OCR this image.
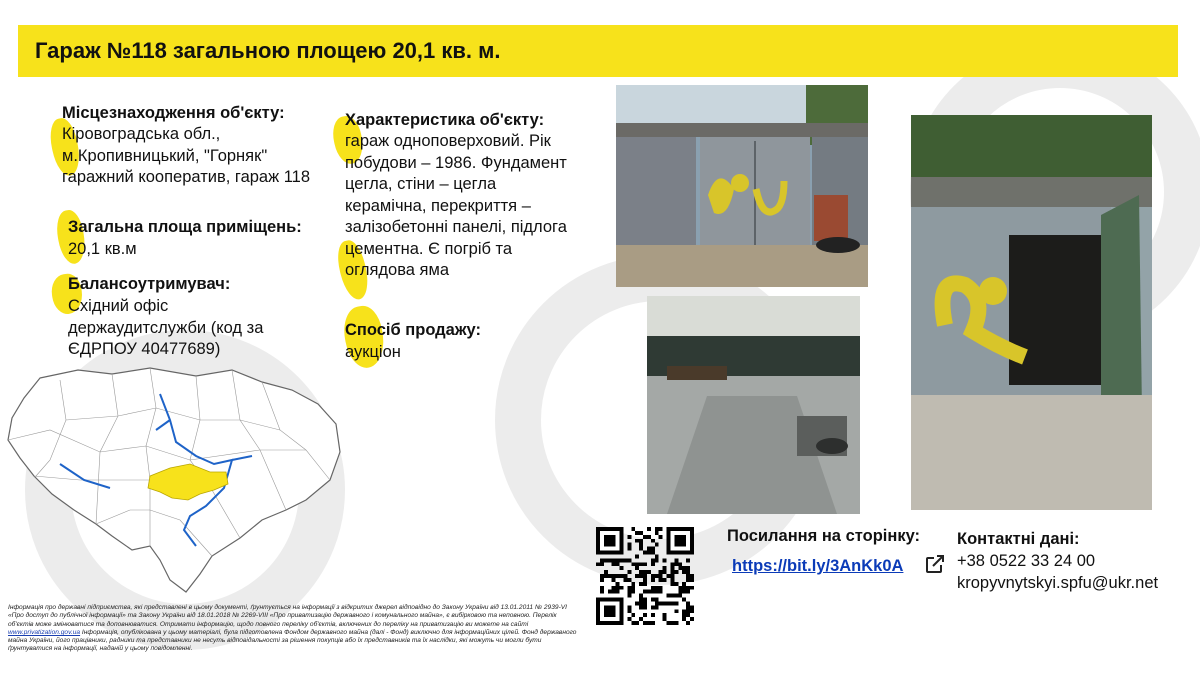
Гараж №118 загальною площею 20,1 кв. м.
Місцезнаходження об'єкту:
Кіровоградська обл.,
м.Кропивницький, "Горняк"
гаражний кооператив, гараж 118
Загальна площа приміщень:
20,1 кв.м
Балансоутримувач:
Східний офіс
держаудитслужби (код за
ЄДРПОУ 40477689)
Характеристика об'єкту:
гараж одноповерховий. Рік
побудови – 1986. Фундамент
цегла, стіни – цегла
керамічна, перекриття –
залізобетонні панелі, підлога
цементна. Є погріб та
оглядова яма
Спосіб продажу:
аукціон
Посилання на сторінку:
https://bit.ly/3AnKk0A
Контактні дані:
+38 0522 33 24 00
kropyvnytskyi.spfu@ukr.net
Інформація про державні підприємства, які представлені в цьому документі, ґрунтується на інформації з відкритих джерел відповідно до Закону України від 13.01.2011 № 2939-VI «Про доступ до публічної інформації» та Закону України від 18.01.2018 № 2269-VIII «Про приватизацію державного і комунального майна», є вибірковою та неповною. Перелік об'єктів може змінюватися та доповнюватися. Отримати інформацію, щодо повного переліку об'єктів, включених до переліку на приватизацію ви можете на сайті www.privatization.gov.ua Інформація, опублікована у цьому матеріалі, була підготовлена Фондом державного майна (далі - Фонд) виключно для інформаційних цілей. Фонд державного майна України, його працівники, радники та представники не несуть відповідальності за рішення покупців або їх представників та їх наслідки, які можуть чи могли бути ґрунтуватися на інформації, наданій у цьому повідомленні.
